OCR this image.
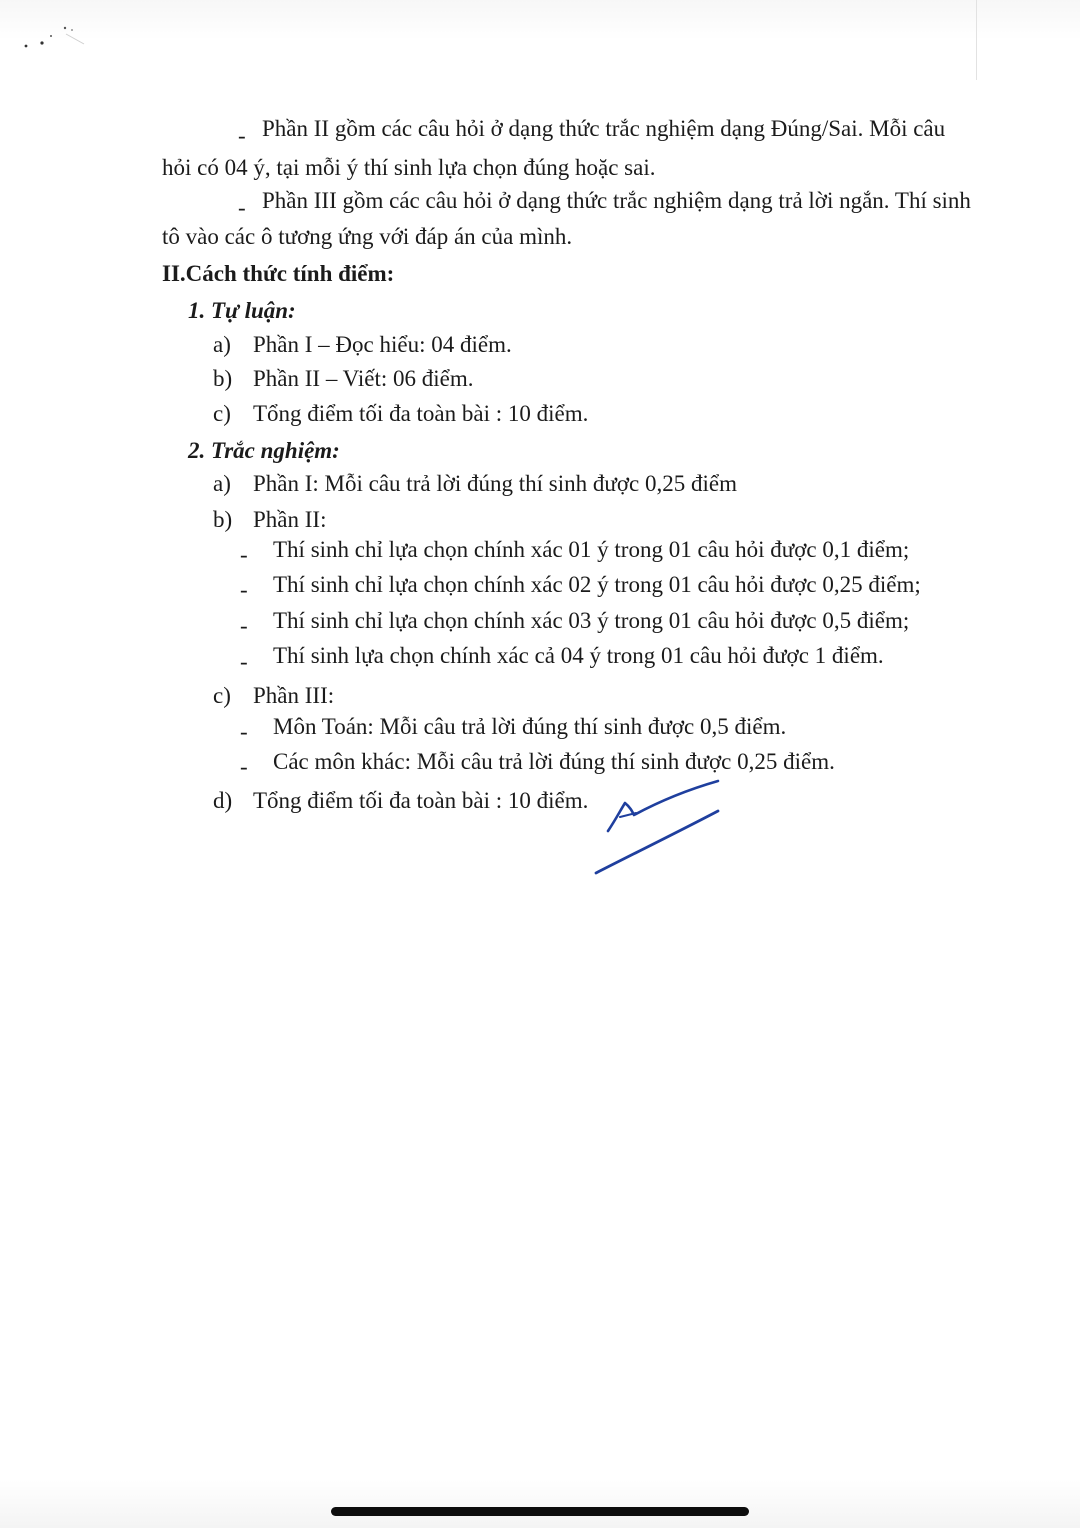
- Phần II gồm các câu hỏi ở dạng thức trắc nghiệm dạng Đúng/Sai. Mỗi câu
hỏi có 04 ý, tại mỗi ý thí sinh lựa chọn đúng hoặc sai.
- Phần III gồm các câu hỏi ở dạng thức trắc nghiệm dạng trả lời ngắn. Thí sinh
tô vào các ô tương ứng với đáp án của mình.
II.Cách thức tính điểm:
1. Tự luận:
a) Phần I – Đọc hiểu: 04 điểm.
b) Phần II – Viết: 06 điểm.
c) Tổng điểm tối đa toàn bài : 10 điểm.
2. Trắc nghiệm:
a) Phần I: Mỗi câu trả lời đúng thí sinh được 0,25 điểm
b) Phần II:
- Thí sinh chỉ lựa chọn chính xác 01 ý trong 01 câu hỏi được 0,1 điểm;
- Thí sinh chỉ lựa chọn chính xác 02 ý trong 01 câu hỏi được 0,25 điểm;
- Thí sinh chỉ lựa chọn chính xác 03 ý trong 01 câu hỏi được 0,5 điểm;
- Thí sinh lựa chọn chính xác cả 04 ý trong 01 câu hỏi được 1 điểm.
c) Phần III:
- Môn Toán: Mỗi câu trả lời đúng thí sinh được 0,5 điểm.
- Các môn khác: Mỗi câu trả lời đúng thí sinh được 0,25 điểm.
d) Tổng điểm tối đa toàn bài : 10 điểm.
